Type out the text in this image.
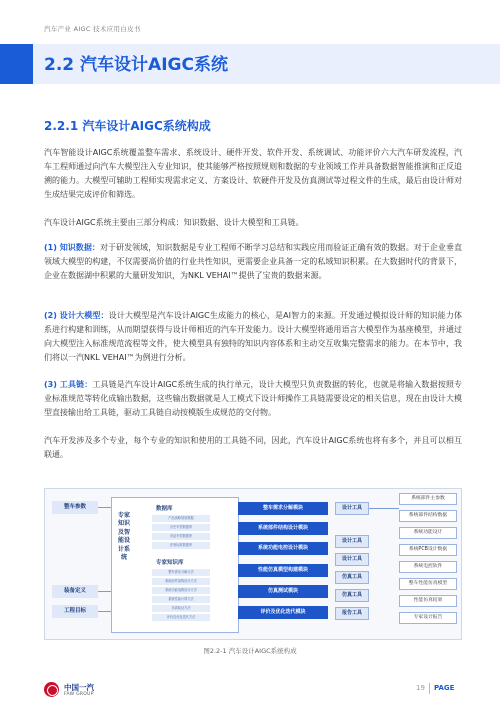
汽车产业 AIGC 技术应用白皮书
2.2 汽车设计AIGC系统
2.2.1 汽车设计AIGC系统构成
汽车智能设计AIGC系统覆盖整车需求、系统设计、硬件开发、软件开发、系统调试、功能评价六大汽车研发流程，汽车工程师通过向汽车大模型注入专业知识，使其能够严格按照规则和数据的专业领域工作并具备数据智能推演和正反追溯的能力。大模型可辅助工程师实现需求定义、方案设计、软硬件开发及仿真测试等过程文件的生成，最后由设计师对生成结果完成评价和筛选。
汽车设计AIGC系统主要由三部分构成：知识数据、设计大模型和工具链。
(1) 知识数据：对于研发领域，知识数据是专业工程师不断学习总结和实践应用而验证正确有效的数据。对于企业垂直领域大模型的构建，不仅需要高价值的行业共性知识，更需要企业具备一定的私域知识积累。在大数据时代的背景下，企业在数据湖中积累的大量研发知识，为NKL VEHAI™提供了宝贵的数据来源。
(2) 设计大模型：设计大模型是汽车设计AIGC生成能力的核心，是AI智力的来源。开发通过模拟设计师的知识能力体系进行构建和训练，从而期望获得与设计师相近的汽车开发能力。设计大模型将通用语言大模型作为基座模型，并通过向大模型注入标准规范流程等文件，使大模型具有独特的知识内容体系和主动交互收集完整需求的能力。在本节中，我们将以一汽NKL VEHAI™为例进行分析。
(3) 工具链：工具链是汽车设计AIGC系统生成的执行单元，设计大模型只负责数据的转化，也就是将输入数据按照专业标准规范等转化成输出数据，这些输出数据就是人工模式下设计师操作工具链需要设定的相关信息，现在由设计大模型直接输出给工具链，驱动工具链自动按模版生成规范的交付物。
汽车开发涉及多个专业，每个专业的知识和使用的工具链不同，因此，汽车设计AIGC系统也将有多个，并且可以相互联通。
整车参数
装备定义
工程目标
专家知识及智能设计系统
数据库
产品战略规划数据
历史车型数据库
竞品车型数据库
法规标准数据库
专家知识库
整车需求分解方法
系统部件架构设计方法
系统功能电路设计方法
系统性能计算方法
仿真验证方法
评价及优化迭代方法
整车需求分解模块
系统部件结构设计模块
系统功能电控设计模块
性能仿真模型构建模块
仿真测试模块
评价及优化迭代模块
设计工具
设计工具
设计工具
仿真工具
仿真工具
报告工具
系统部件主参数
系统部件结构数据
系统功能设计
系统PCB设计数据
系统电控软件
整车性能仿真模型
性能仿真结果
专家设计报告
图2.2-1 汽车设计AIGC系统构成
中国一汽
FAW GROUP
19 PAGE
